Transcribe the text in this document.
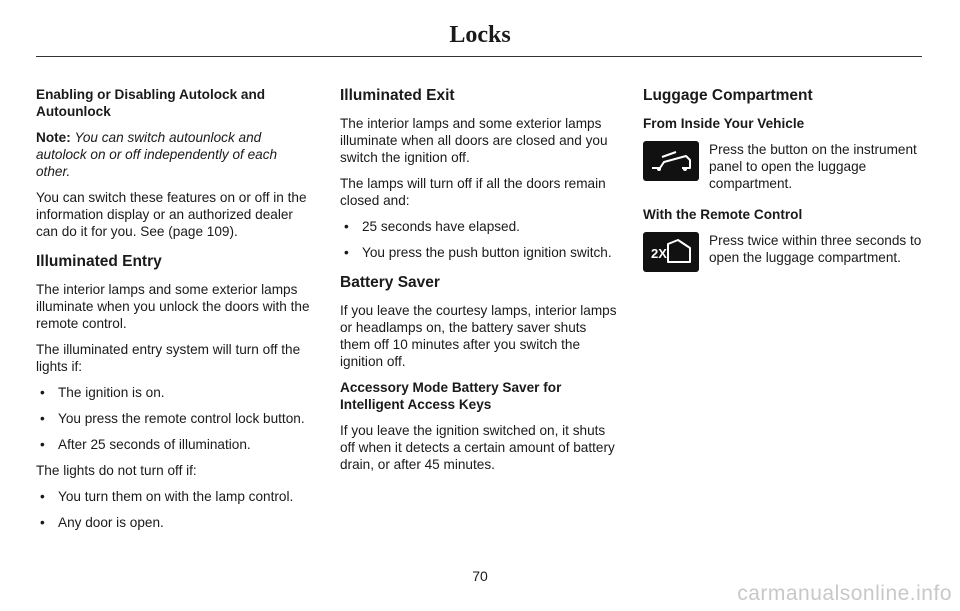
Locks
Enabling or Disabling Autolock and Autounlock

Note: You can switch autounlock and autolock on or off independently of each other.

You can switch these features on or off in the information display or an authorized dealer can do it for you. See (page 109).

Illuminated Entry

The interior lamps and some exterior lamps illuminate when you unlock the doors with the remote control.

The illuminated entry system will turn off the lights if:

• The ignition is on.
• You press the remote control lock button.
• After 25 seconds of illumination.

The lights do not turn off if:

• You turn them on with the lamp control.
• Any door is open.
Illuminated Exit

The interior lamps and some exterior lamps illuminate when all doors are closed and you switch the ignition off.

The lamps will turn off if all the doors remain closed and:

• 25 seconds have elapsed.
• You press the push button ignition switch.
Battery Saver

If you leave the courtesy lamps, interior lamps or headlamps on, the battery saver shuts them off 10 minutes after you switch the ignition off.

Accessory Mode Battery Saver for Intelligent Access Keys

If you leave the ignition switched on, it shuts off when it detects a certain amount of battery drain, or after 45 minutes.

Luggage Compartment
From Inside Your Vehicle
Press the button on the instrument panel to open the luggage compartment.
With the Remote Control
2X
Press twice within three seconds to open the luggage compartment.
70
carmanualsonline.info
